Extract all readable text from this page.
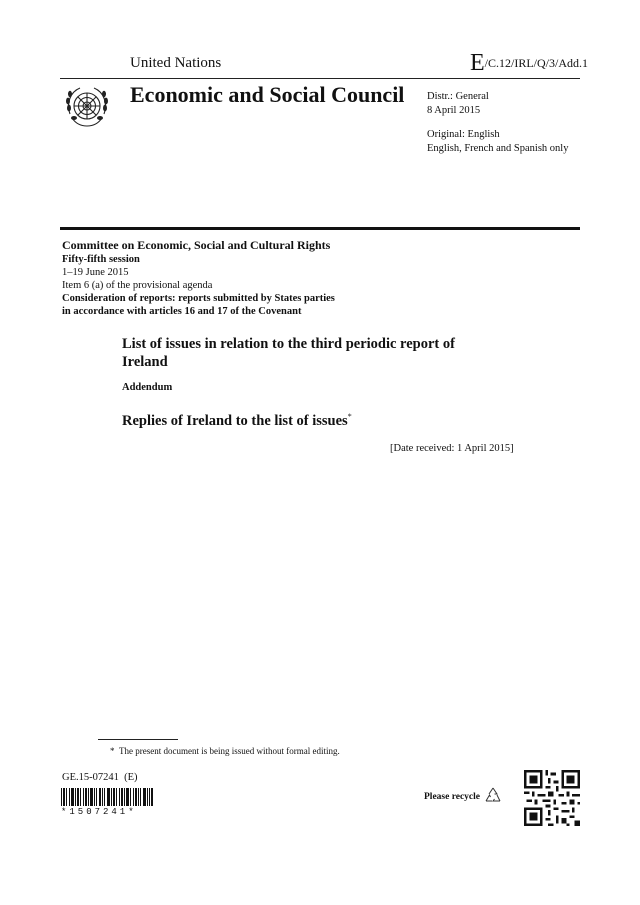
United Nations	E/C.12/IRL/Q/3/Add.1
Economic and Social Council Distr.: General
8 April 2015
Original: English
English, French and Spanish only
Committee on Economic, Social and Cultural Rights
Fifty-fifth session
1–19 June 2015
Item 6 (a) of the provisional agenda
Consideration of reports: reports submitted by States parties
in accordance with articles 16 and 17 of the Covenant
List of issues in relation to the third periodic report of Ireland
Addendum
Replies of Ireland to the list of issues*
[Date received: 1 April 2015]
* The present document is being issued without formal editing.
GE.15-07241  (E)
*1507241*
Please recycle
